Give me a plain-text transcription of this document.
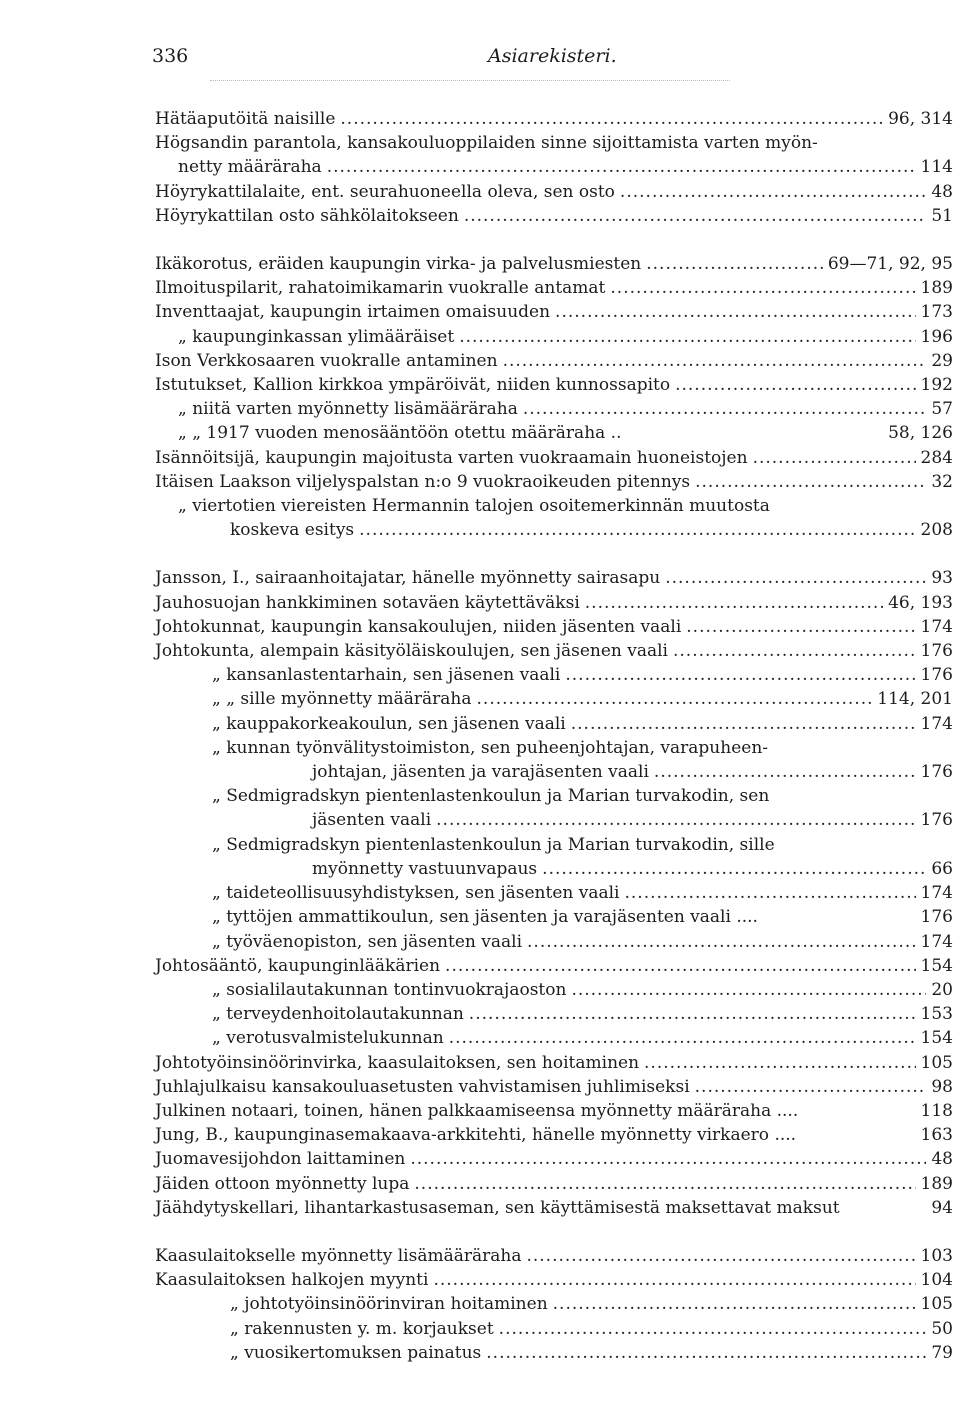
336	Asiarekisteri.
Hätäaputöitä naisille .....	96, 314
Högsandin parantola, kansakouluoppilaiden sinne sijoittamista varten myön-
netty määräraha .....	114
Höyrykattilalaite, ent. seurahuoneella oleva, sen osto .....	48
Höyrykattilan osto sähkölaitokseen .....	51
Ikäkorotus, eräiden kaupungin virka- ja palvelusmiesten .....	69—71, 92, 95
Ilmoituspilarit, rahatoimikamarin vuokralle antamat .....	189
Inventtaajat, kaupungin irtaimen omaisuuden .....	173
„ kaupunginkassan ylimääräiset .....	196
Ison Verkkosaaren vuokralle antaminen .....	29
Istutukset, Kallion kirkkoa ympäröivät, niiden kunnossapito .....	192
„ niitä varten myönnetty lisämääräraha .....	57
„ „ 1917 vuoden menosääntöön otettu määräraha ..	58, 126
Isännöitsijä, kaupungin majoitusta varten vuokraamain huoneistojen .....	284
Itäisen Laakson viljelyspalstan n:o 9 vuokraoikeuden pitennys .....	32
„ viertotien viereisten Hermannin talojen osoitemerkinnän muutosta
koskeva esitys .....	208
Jansson, I., sairaanhoitajatar, hänelle myönnetty sairasapu .....	93
Jauhosuojan hankkiminen sotaväen käytettäväksi .....	46, 193
Johtokunnat, kaupungin kansakoulujen, niiden jäsenten vaali .....	174
Johtokunta, alempain käsityöläiskoulujen, sen jäsenen vaali .....	176
„ kansanlastentarhain, sen jäsenen vaali .....	176
„ „ sille myönnetty määräraha .....	114, 201
„ kauppakorkeakoulun, sen jäsenen vaali .....	174
„ kunnan työnvälitystoimiston, sen puheenjohtajan, varapuheen-
johtajan, jäsenten ja varajäsenten vaali .....	176
„ Sedmigradskyn pientenlastenkoulun ja Marian turvakodin, sen
jäsenten vaali .....	176
„ Sedmigradskyn pientenlastenkoulun ja Marian turvakodin, sille
myönnetty vastuunvapaus .....	66
„ taideteollisuusyhdistyksen, sen jäsenten vaali .....	174
„ tyttöjen ammattikoulun, sen jäsenten ja varajäsenten vaali ....	176
„ työväenopiston, sen jäsenten vaali .....	174
Johtosääntö, kaupunginlääkärien .....	154
„ sosialilautakunnan tontinvuokrajaoston .....	20
„ terveydenhoitolautakunnan .....	153
„ verotusvalmistelukunnan .....	154
Johtotyöinsinöörinvirka, kaasulaitoksen, sen hoitaminen .....	105
Juhlajulkaisu kansakouluasetusten vahvistamisen juhlimiseksi .....	98
Julkinen notaari, toinen, hänen palkkaamiseensa myönnetty määräraha ....	118
Jung, B., kaupunginasemakaava-arkkitehti, hänelle myönnetty virkaero ....	163
Juomavesijohdon laittaminen .....	48
Jäiden ottoon myönnetty lupa .....	189
Jäähdytyskellari, lihantarkastusaseman, sen käyttämisestä maksettavat maksut	94
Kaasulaitokselle myönnetty lisämääräraha .....	103
Kaasulaitoksen halkojen myynti .....	104
„ johtotyöinsinöörinviran hoitaminen .....	105
„ rakennusten y. m. korjaukset .....	50
„ vuosikertomuksen painatus .....	79
